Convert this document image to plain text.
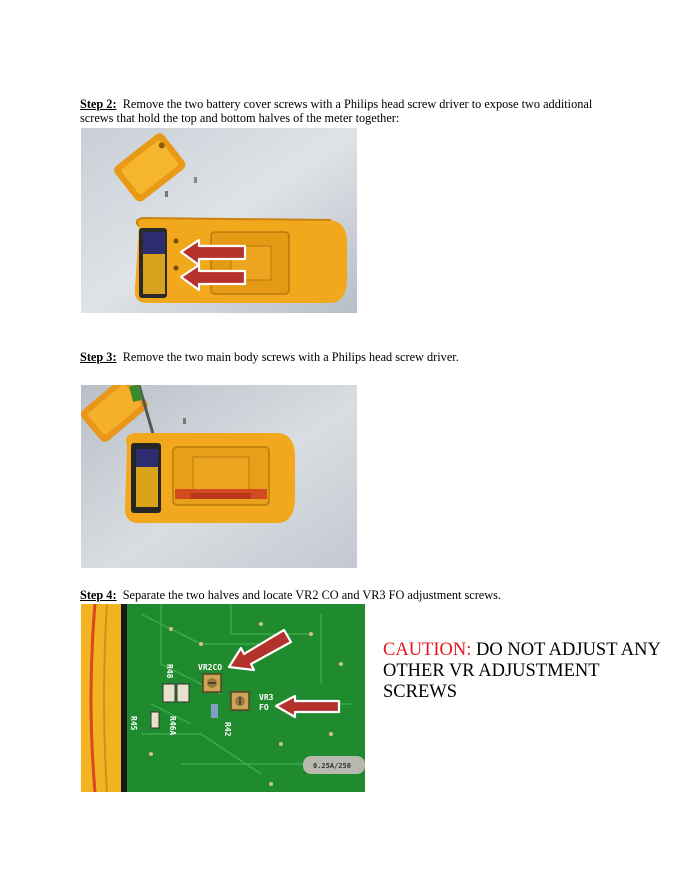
Step 2: Remove the two battery cover screws with a Philips head screw driver to expose two additional screws that hold the top and bottom halves of the meter together:
Step 3: Remove the two main body screws with a Philips head screw driver.
Step 4: Separate the two halves and locate VR2 CO and VR3 FO adjustment screws.
VR2CO
VR3
FO
R48
R46A	R42
R45
0.25A/250
CAUTION: DO NOT ADJUST ANY OTHER VR ADJUSTMENT SCREWS
